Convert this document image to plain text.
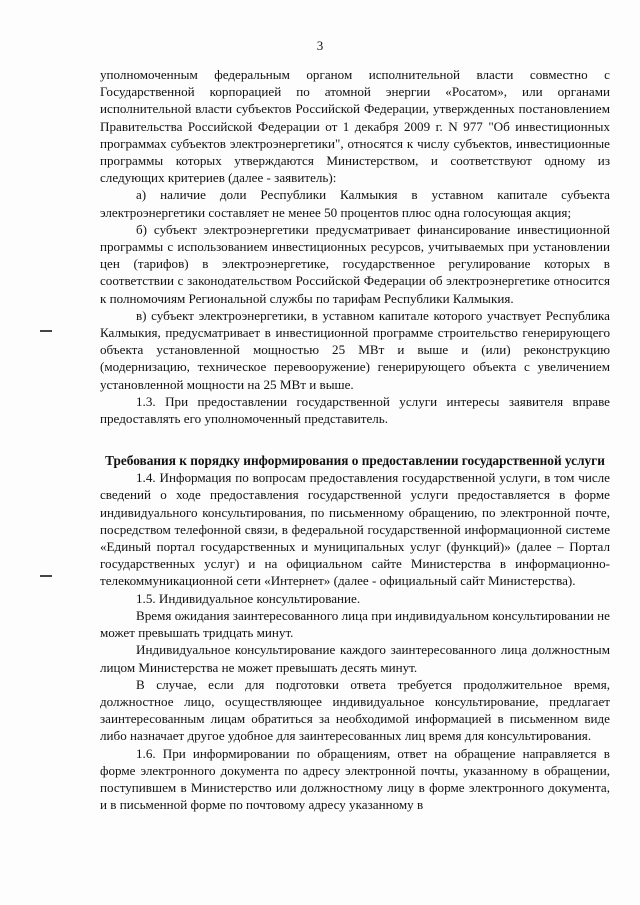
3

уполномоченным федеральным органом исполнительной власти совместно с Государственной корпорацией по атомной энергии «Росатом», или органами исполнительной власти субъектов Российской Федерации, утвержденных постановлением Правительства Российской Федерации от 1 декабря 2009 г. N 977 "Об инвестиционных программах субъектов электроэнергетики", относятся к числу субъектов, инвестиционные программы которых утверждаются Министерством, и соответствуют одному из следующих критериев (далее - заявитель):

а) наличие доли Республики Калмыкия в уставном капитале субъекта электроэнергетики составляет не менее 50 процентов плюс одна голосующая акция;

б) субъект электроэнергетики предусматривает финансирование инвестиционной программы с использованием инвестиционных ресурсов, учитываемых при установлении цен (тарифов) в электроэнергетике, государственное регулирование которых в соответствии с законодательством Российской Федерации об электроэнергетике относится к полномочиям Региональной службы по тарифам Республики Калмыкия.

в) субъект электроэнергетики, в уставном капитале которого участвует Республика Калмыкия, предусматривает в инвестиционной программе строительство генерирующего объекта установленной мощностью 25 МВт и выше и (или) реконструкцию (модернизацию, техническое перевооружение) генерирующего объекта с увеличением установленной мощности на 25 МВт и выше.

1.3. При предоставлении государственной услуги интересы заявителя вправе предоставлять его уполномоченный представитель.

Требования к порядку информирования о предоставлении государственной услуги

1.4. Информация по вопросам предоставления государственной услуги, в том числе сведений о ходе предоставления государственной услуги предоставляется в форме индивидуального консультирования, по письменному обращению, по электронной почте, посредством телефонной связи, в федеральной государственной информационной системе «Единый портал государственных и муниципальных услуг (функций)» (далее – Портал государственных услуг) и на официальном сайте Министерства в информационно-телекоммуникационной сети «Интернет» (далее - официальный сайт Министерства).

1.5. Индивидуальное консультирование.

Время ожидания заинтересованного лица при индивидуальном консультировании не может превышать тридцать минут.

Индивидуальное консультирование каждого заинтересованного лица должностным лицом Министерства не может превышать десять минут.

В случае, если для подготовки ответа требуется продолжительное время, должностное лицо, осуществляющее индивидуальное консультирование, предлагает заинтересованным лицам обратиться за необходимой информацией в письменном виде либо назначает другое удобное для заинтересованных лиц время для консультирования.

1.6. При информировании по обращениям, ответ на обращение направляется в форме электронного документа по адресу электронной почты, указанному в обращении, поступившем в Министерство или должностному лицу в форме электронного документа, и в письменной форме по почтовому адресу указанному в
